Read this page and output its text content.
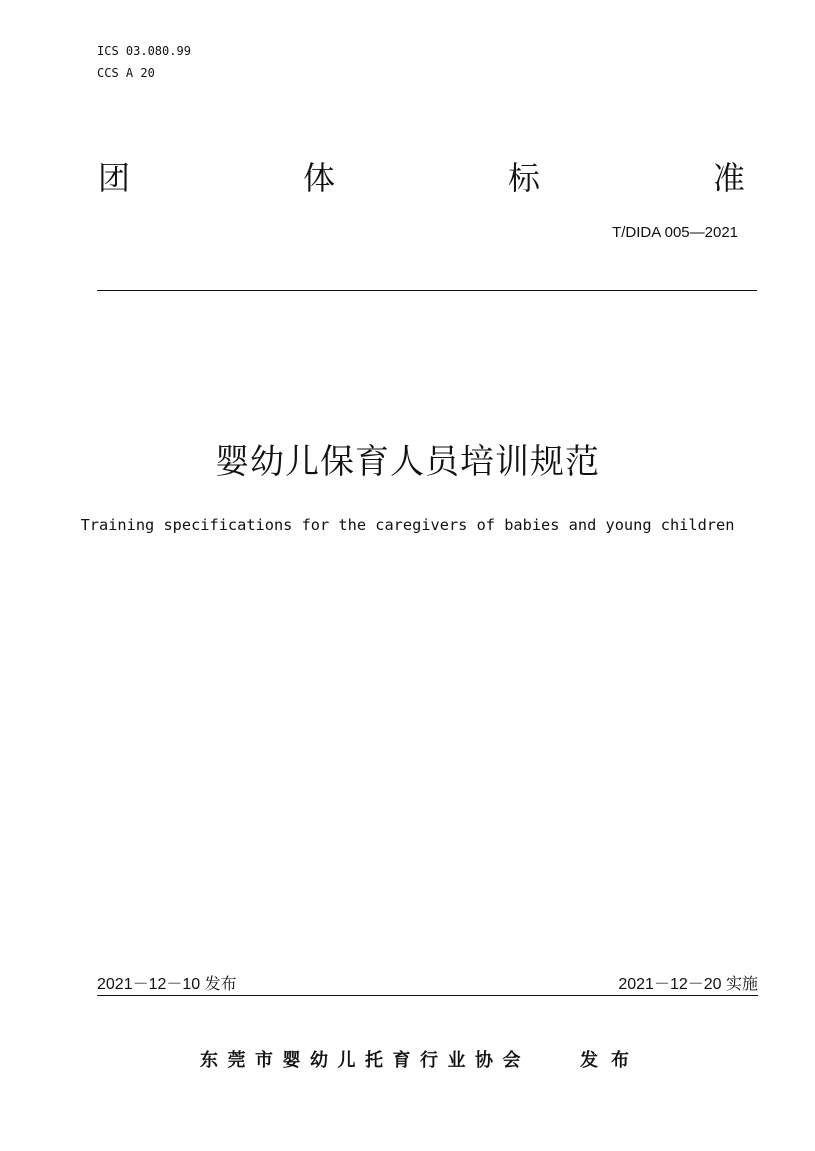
ICS 03.080.99
CCS A 20
团	体	标	准
T/DIDA 005—2021
婴幼儿保育人员培训规范
Training specifications for the caregivers of babies and young children
2021－12－10 发布	2021－12－20 实施
东莞市婴幼儿托育行业协会	发 布
